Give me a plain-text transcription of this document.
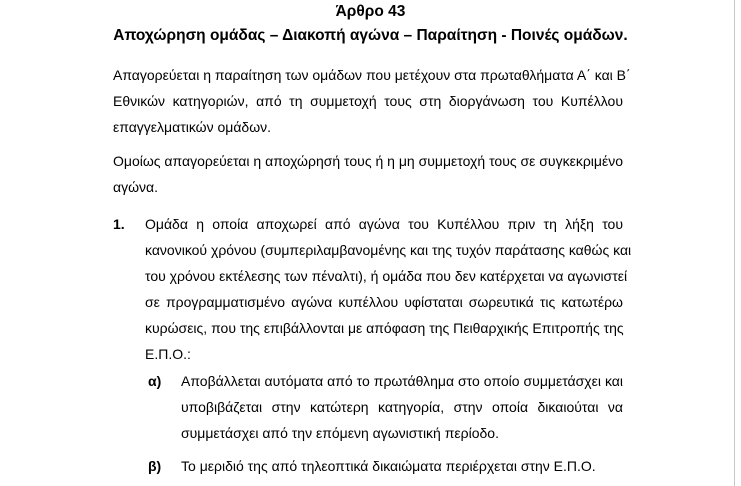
Άρθρο 43
Αποχώρηση ομάδας – Διακοπή αγώνα – Παραίτηση - Ποινές ομάδων.
Απαγορεύεται η παραίτηση των ομάδων που μετέχουν στα πρωταθλήματα Α΄ και Β΄
Εθνικών κατηγοριών, από τη συμμετοχή τους στη διοργάνωση του Κυπέλλου
επαγγελματικών ομάδων.
Ομοίως απαγορεύεται η αποχώρησή τους ή η μη συμμετοχή τους σε συγκεκριμένο
αγώνα.
1. Ομάδα η οποία αποχωρεί από αγώνα του Κυπέλλου πριν τη λήξη του
κανονικού χρόνου (συμπεριλαμβανομένης και της τυχόν παράτασης καθώς και
του χρόνου εκτέλεσης των πέναλτι), ή ομάδα που δεν κατέρχεται να αγωνιστεί
σε προγραμματισμένο αγώνα κυπέλλου υφίσταται σωρευτικά τις κατωτέρω
κυρώσεις, που της επιβάλλονται με απόφαση της Πειθαρχικής Επιτροπής της
Ε.Π.Ο.:
α) Αποβάλλεται αυτόματα από το πρωτάθλημα στο οποίο συμμετάσχει και
υποβιβάζεται στην κατώτερη κατηγορία, στην οποία δικαιούται να
συμμετάσχει από την επόμενη αγωνιστική περίοδο.
β) Το μεριδιό της από τηλεοπτικά δικαιώματα περιέρχεται στην Ε.Π.Ο.
